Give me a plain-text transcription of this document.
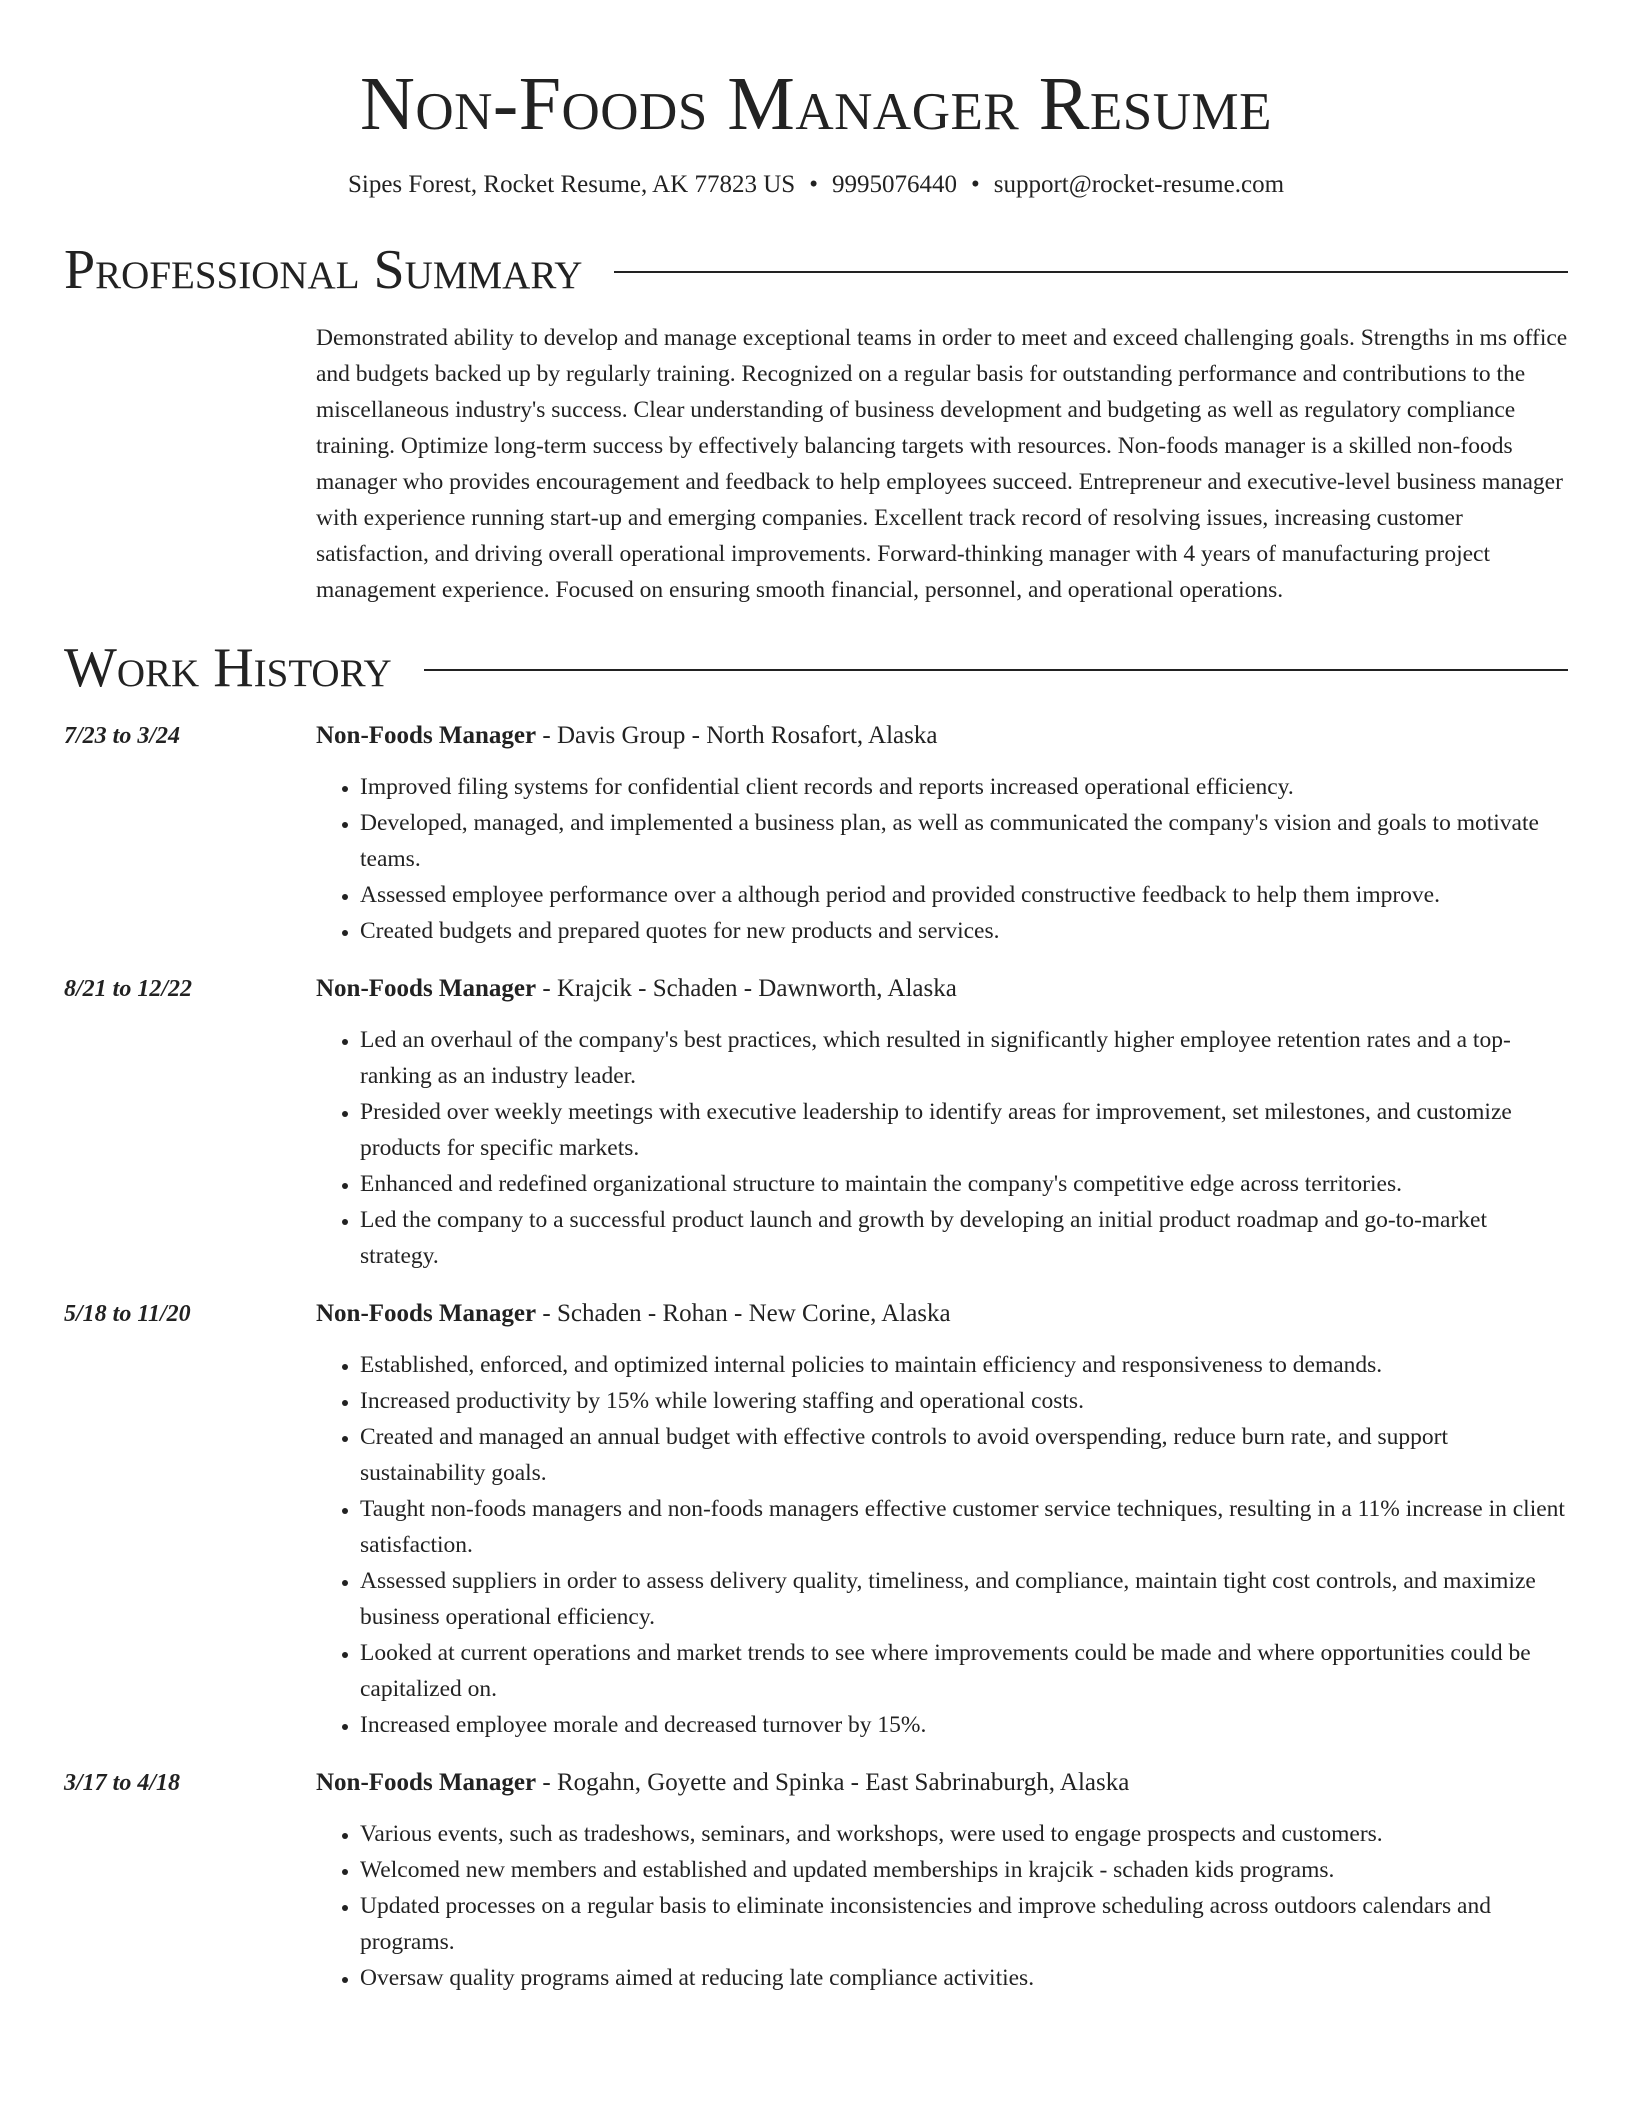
Non-Foods Manager Resume
Sipes Forest, Rocket Resume, AK 77823 US • 9995076440 • support@rocket-resume.com
Professional Summary
Demonstrated ability to develop and manage exceptional teams in order to meet and exceed challenging goals. Strengths in ms office and budgets backed up by regularly training. Recognized on a regular basis for outstanding performance and contributions to the miscellaneous industry's success. Clear understanding of business development and budgeting as well as regulatory compliance training. Optimize long-term success by effectively balancing targets with resources. Non-foods manager is a skilled non-foods manager who provides encouragement and feedback to help employees succeed. Entrepreneur and executive-level business manager with experience running start-up and emerging companies. Excellent track record of resolving issues, increasing customer satisfaction, and driving overall operational improvements. Forward-thinking manager with 4 years of manufacturing project management experience. Focused on ensuring smooth financial, personnel, and operational operations.
Work History
7/23 to 3/24	Non-Foods Manager - Davis Group - North Rosafort, Alaska
• Improved filing systems for confidential client records and reports increased operational efficiency.
• Developed, managed, and implemented a business plan, as well as communicated the company's vision and goals to motivate teams.
• Assessed employee performance over a although period and provided constructive feedback to help them improve.
• Created budgets and prepared quotes for new products and services.
8/21 to 12/22	Non-Foods Manager - Krajcik - Schaden - Dawnworth, Alaska
• Led an overhaul of the company's best practices, which resulted in significantly higher employee retention rates and a top-ranking as an industry leader.
• Presided over weekly meetings with executive leadership to identify areas for improvement, set milestones, and customize products for specific markets.
• Enhanced and redefined organizational structure to maintain the company's competitive edge across territories.
• Led the company to a successful product launch and growth by developing an initial product roadmap and go-to-market strategy.
5/18 to 11/20	Non-Foods Manager - Schaden - Rohan - New Corine, Alaska
• Established, enforced, and optimized internal policies to maintain efficiency and responsiveness to demands.
• Increased productivity by 15% while lowering staffing and operational costs.
• Created and managed an annual budget with effective controls to avoid overspending, reduce burn rate, and support sustainability goals.
• Taught non-foods managers and non-foods managers effective customer service techniques, resulting in a 11% increase in client satisfaction.
• Assessed suppliers in order to assess delivery quality, timeliness, and compliance, maintain tight cost controls, and maximize business operational efficiency.
• Looked at current operations and market trends to see where improvements could be made and where opportunities could be capitalized on.
• Increased employee morale and decreased turnover by 15%.
3/17 to 4/18	Non-Foods Manager - Rogahn, Goyette and Spinka - East Sabrinaburgh, Alaska
• Various events, such as tradeshows, seminars, and workshops, were used to engage prospects and customers.
• Welcomed new members and established and updated memberships in krajcik - schaden kids programs.
• Updated processes on a regular basis to eliminate inconsistencies and improve scheduling across outdoors calendars and programs.
• Oversaw quality programs aimed at reducing late compliance activities.
